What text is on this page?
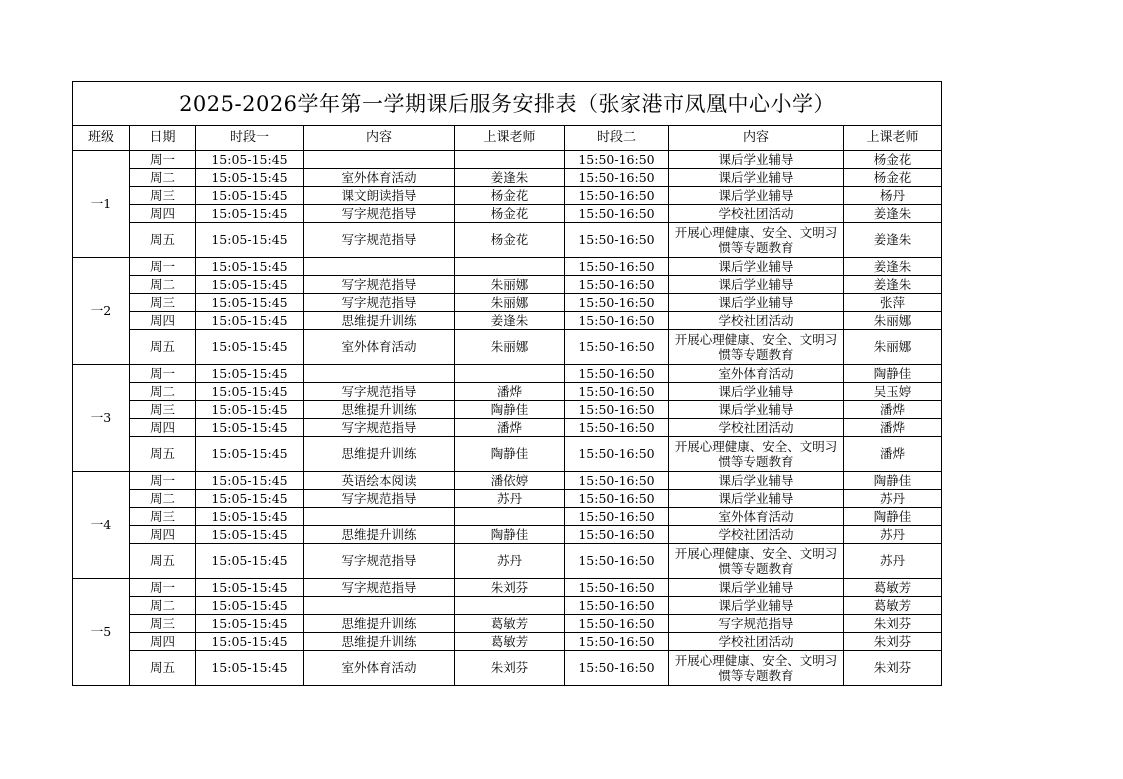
2025-2026学年第一学期课后服务安排表（张家港市凤凰中心小学）							
班级	日期	时段一	内容	上课老师	时段二	内容	上课老师
一1	周一	15:05-15:45			15:50-16:50	课后学业辅导	杨金花
	周二	15:05-15:45	室外体育活动	姜逢朱	15:50-16:50	课后学业辅导	杨金花
	周三	15:05-15:45	课文朗读指导	杨金花	15:50-16:50	课后学业辅导	杨丹
	周四	15:05-15:45	写字规范指导	杨金花	15:50-16:50	学校社团活动	姜逢朱
	周五	15:05-15:45	写字规范指导	杨金花	15:50-16:50	开展心理健康、安全、文明习惯等专题教育	姜逢朱
一2	周一	15:05-15:45			15:50-16:50	课后学业辅导	姜逢朱
	周二	15:05-15:45	写字规范指导	朱丽娜	15:50-16:50	课后学业辅导	姜逢朱
	周三	15:05-15:45	写字规范指导	朱丽娜	15:50-16:50	课后学业辅导	张萍
	周四	15:05-15:45	思维提升训练	姜逢朱	15:50-16:50	学校社团活动	朱丽娜
	周五	15:05-15:45	室外体育活动	朱丽娜	15:50-16:50	开展心理健康、安全、文明习惯等专题教育	朱丽娜
一3	周一	15:05-15:45			15:50-16:50	室外体育活动	陶静佳
	周二	15:05-15:45	写字规范指导	潘烨	15:50-16:50	课后学业辅导	吴玉婷
	周三	15:05-15:45	思维提升训练	陶静佳	15:50-16:50	课后学业辅导	潘烨
	周四	15:05-15:45	写字规范指导	潘烨	15:50-16:50	学校社团活动	潘烨
	周五	15:05-15:45	思维提升训练	陶静佳	15:50-16:50	开展心理健康、安全、文明习惯等专题教育	潘烨
一4	周一	15:05-15:45	英语绘本阅读	潘依婷	15:50-16:50	课后学业辅导	陶静佳
	周二	15:05-15:45	写字规范指导	苏丹	15:50-16:50	课后学业辅导	苏丹
	周三	15:05-15:45			15:50-16:50	室外体育活动	陶静佳
	周四	15:05-15:45	思维提升训练	陶静佳	15:50-16:50	学校社团活动	苏丹
	周五	15:05-15:45	写字规范指导	苏丹	15:50-16:50	开展心理健康、安全、文明习惯等专题教育	苏丹
一5	周一	15:05-15:45	写字规范指导	朱刘芬	15:50-16:50	课后学业辅导	葛敏芳
	周二	15:05-15:45			15:50-16:50	课后学业辅导	葛敏芳
	周三	15:05-15:45	思维提升训练	葛敏芳	15:50-16:50	写字规范指导	朱刘芬
	周四	15:05-15:45	思维提升训练	葛敏芳	15:50-16:50	学校社团活动	朱刘芬
	周五	15:05-15:45	室外体育活动	朱刘芬	15:50-16:50	开展心理健康、安全、文明习惯等专题教育	朱刘芬
